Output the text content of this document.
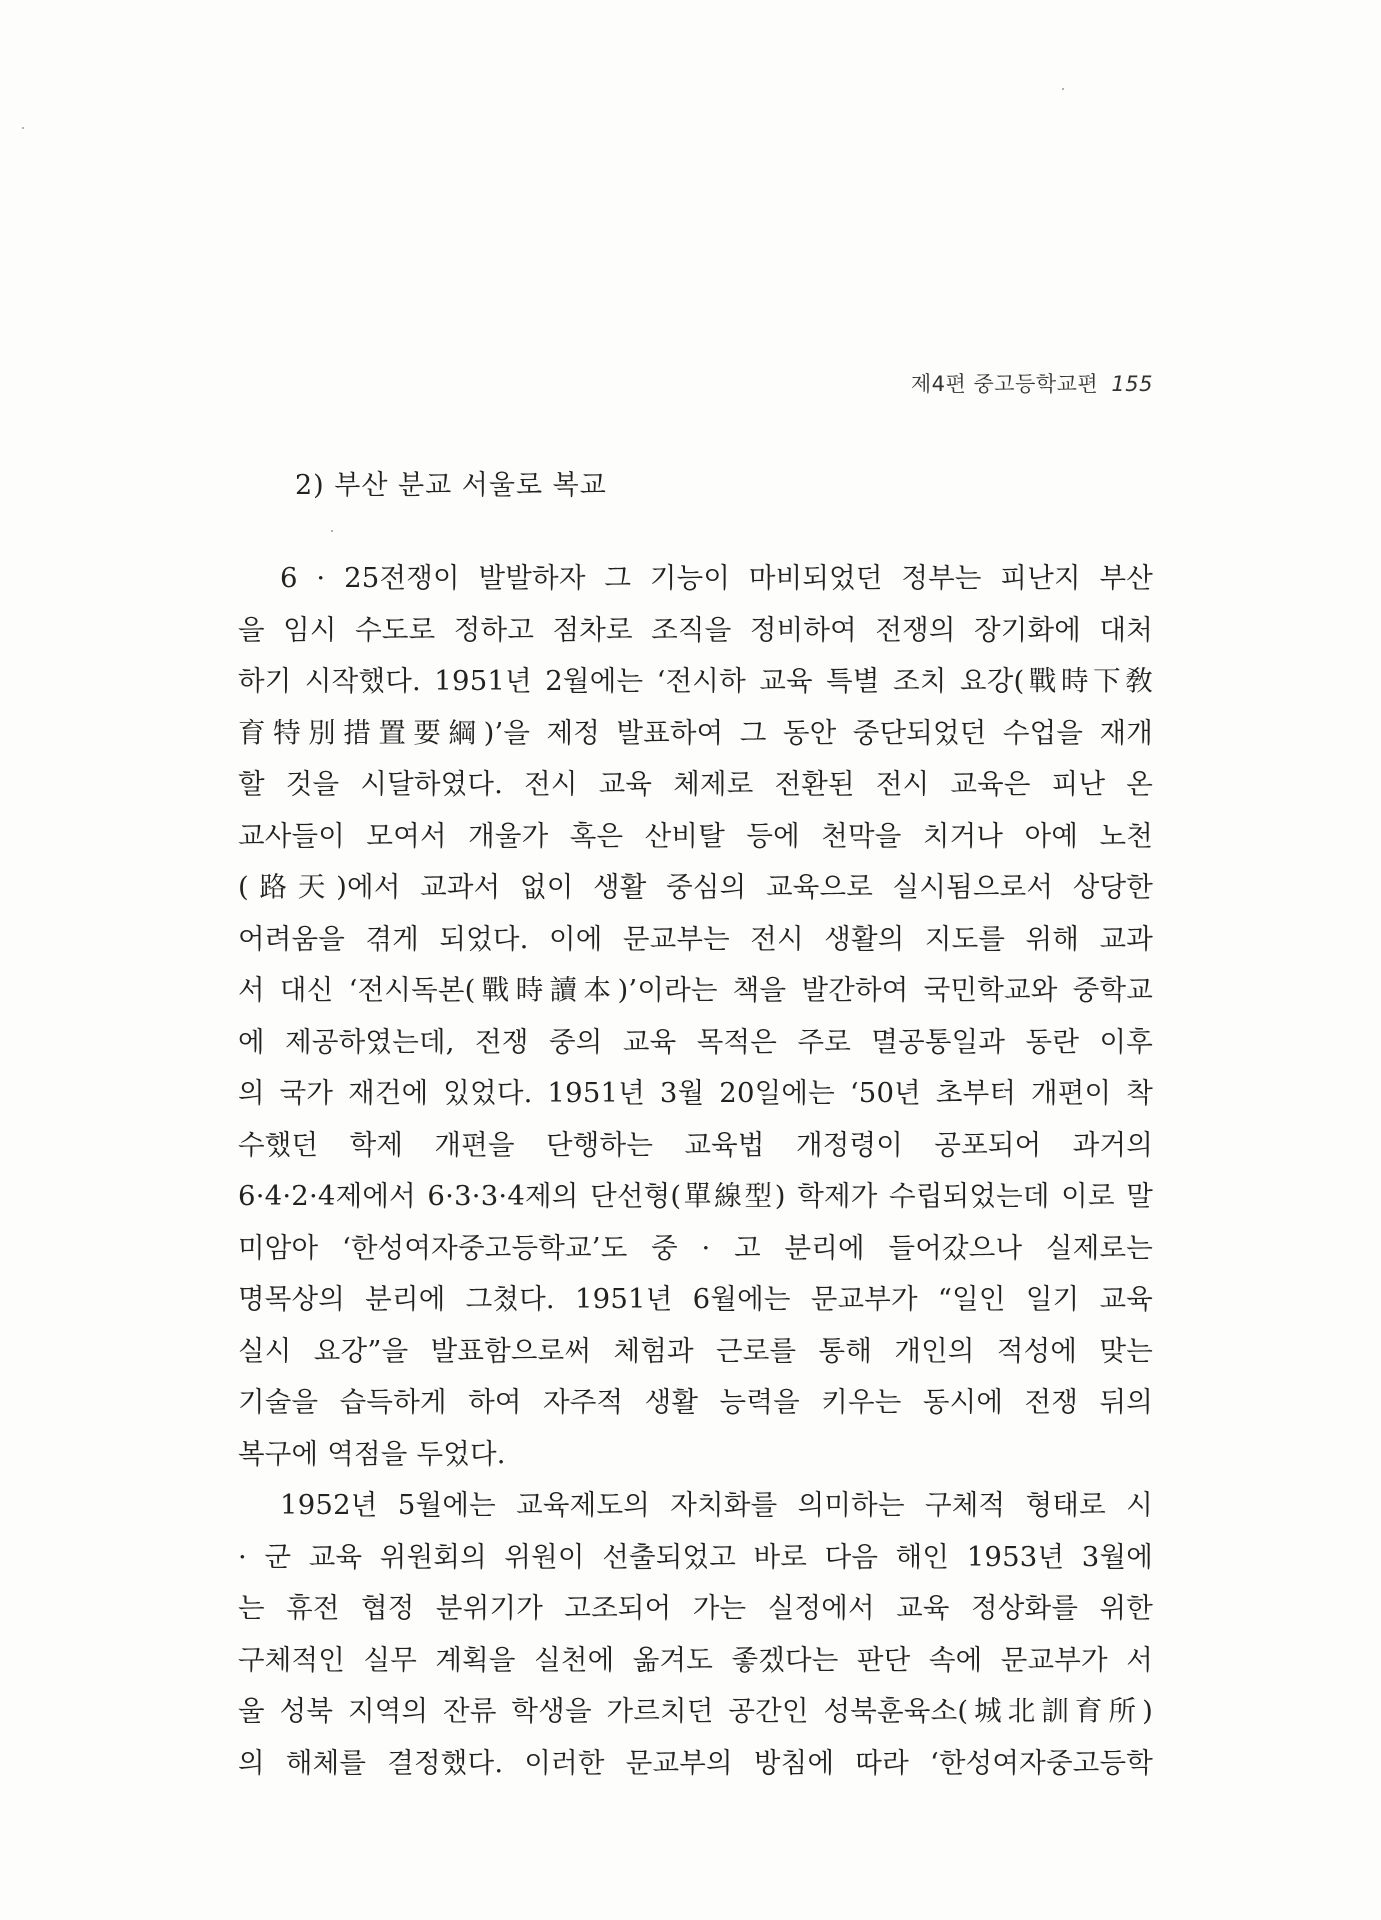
제4편 중고등학교편 155
2) 부산 분교 서울로 복교
6 · 25전쟁이 발발하자 그 기능이 마비되었던 정부는 피난지 부산
을 임시 수도로 정하고 점차로 조직을 정비하여 전쟁의 장기화에 대처
하기 시작했다. 1951년 2월에는 ‘전시하 교육 특별 조치 요강(戰時下敎
育特別措置要綱)’을 제정 발표하여 그 동안 중단되었던 수업을 재개
할 것을 시달하였다. 전시 교육 체제로 전환된 전시 교육은 피난 온
교사들이 모여서 개울가 혹은 산비탈 등에 천막을 치거나 아예 노천
(路天)에서 교과서 없이 생활 중심의 교육으로 실시됨으로서 상당한
어려움을 겪게 되었다. 이에 문교부는 전시 생활의 지도를 위해 교과
서 대신 ‘전시독본(戰時讀本)’이라는 책을 발간하여 국민학교와 중학교
에 제공하였는데, 전쟁 중의 교육 목적은 주로 멸공통일과 동란 이후
의 국가 재건에 있었다. 1951년 3월 20일에는 ‘50년 초부터 개편이 착
수했던 학제 개편을 단행하는 교육법 개정령이 공포되어 과거의
6·4·2·4제에서 6·3·3·4제의 단선형(單線型) 학제가 수립되었는데 이로 말
미암아 ‘한성여자중고등학교’도 중 · 고 분리에 들어갔으나 실제로는
명목상의 분리에 그쳤다. 1951년 6월에는 문교부가 “일인 일기 교육
실시 요강”을 발표함으로써 체험과 근로를 통해 개인의 적성에 맞는
기술을 습득하게 하여 자주적 생활 능력을 키우는 동시에 전쟁 뒤의
복구에 역점을 두었다.
1952년 5월에는 교육제도의 자치화를 의미하는 구체적 형태로 시
· 군 교육 위원회의 위원이 선출되었고 바로 다음 해인 1953년 3월에
는 휴전 협정 분위기가 고조되어 가는 실정에서 교육 정상화를 위한
구체적인 실무 계획을 실천에 옮겨도 좋겠다는 판단 속에 문교부가 서
울 성북 지역의 잔류 학생을 가르치던 공간인 성북훈육소(城北訓育所)
의 해체를 결정했다. 이러한 문교부의 방침에 따라 ‘한성여자중고등학
